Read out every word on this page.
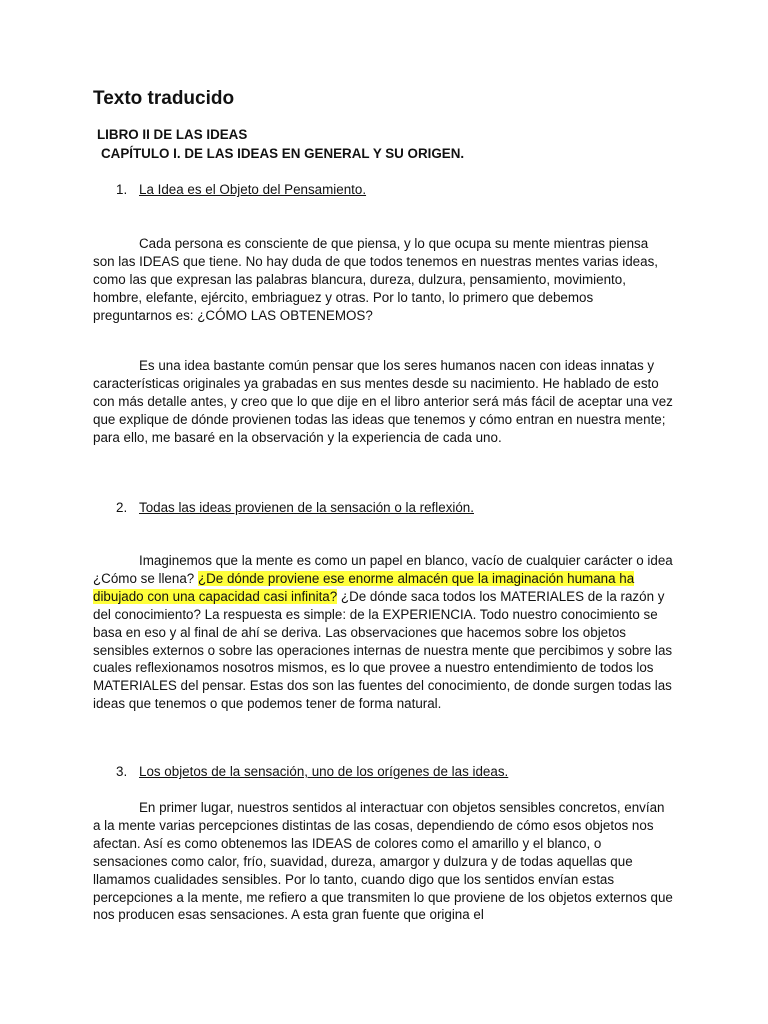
Texto traducido

LIBRO II DE LAS IDEAS

CAPÍTULO I. DE LAS IDEAS EN GENERAL Y SU ORIGEN.

1. La Idea es el Objeto del Pensamiento.

Cada persona es consciente de que piensa, y lo que ocupa su mente mientras piensa son las IDEAS que tiene. No hay duda de que todos tenemos en nuestras mentes varias ideas, como las que expresan las palabras blancura, dureza, dulzura, pensamiento, movimiento, hombre, elefante, ejército, embriaguez y otras. Por lo tanto, lo primero que debemos preguntarnos es: ¿CÓMO LAS OBTENEMOS?

Es una idea bastante común pensar que los seres humanos nacen con ideas innatas y características originales ya grabadas en sus mentes desde su nacimiento. He hablado de esto con más detalle antes, y creo que lo que dije en el libro anterior será más fácil de aceptar una vez que explique de dónde provienen todas las ideas que tenemos y cómo entran en nuestra mente; para ello, me basaré en la observación y la experiencia de cada uno.

2. Todas las ideas provienen de la sensación o la reflexión.

Imaginemos que la mente es como un papel en blanco, vacío de cualquier carácter o idea ¿Cómo se llena? ¿De dónde proviene ese enorme almacén que la imaginación humana ha dibujado con una capacidad casi infinita? ¿De dónde saca todos los MATERIALES de la razón y del conocimiento? La respuesta es simple: de la EXPERIENCIA. Todo nuestro conocimiento se basa en eso y al final de ahí se deriva. Las observaciones que hacemos sobre los objetos sensibles externos o sobre las operaciones internas de nuestra mente que percibimos y sobre las cuales reflexionamos nosotros mismos, es lo que provee a nuestro entendimiento de todos los MATERIALES del pensar. Estas dos son las fuentes del conocimiento, de donde surgen todas las ideas que tenemos o que podemos tener de forma natural.

3. Los objetos de la sensación, uno de los orígenes de las ideas.

En primer lugar, nuestros sentidos al interactuar con objetos sensibles concretos, envían a la mente varias percepciones distintas de las cosas, dependiendo de cómo esos objetos nos afectan. Así es como obtenemos las IDEAS de colores como el amarillo y el blanco, o sensaciones como calor, frío, suavidad, dureza, amargor y dulzura y de todas aquellas que llamamos cualidades sensibles. Por lo tanto, cuando digo que los sentidos envían estas percepciones a la mente, me refiero a que transmiten lo que proviene de los objetos externos que nos producen esas sensaciones. A esta gran fuente que origina el
